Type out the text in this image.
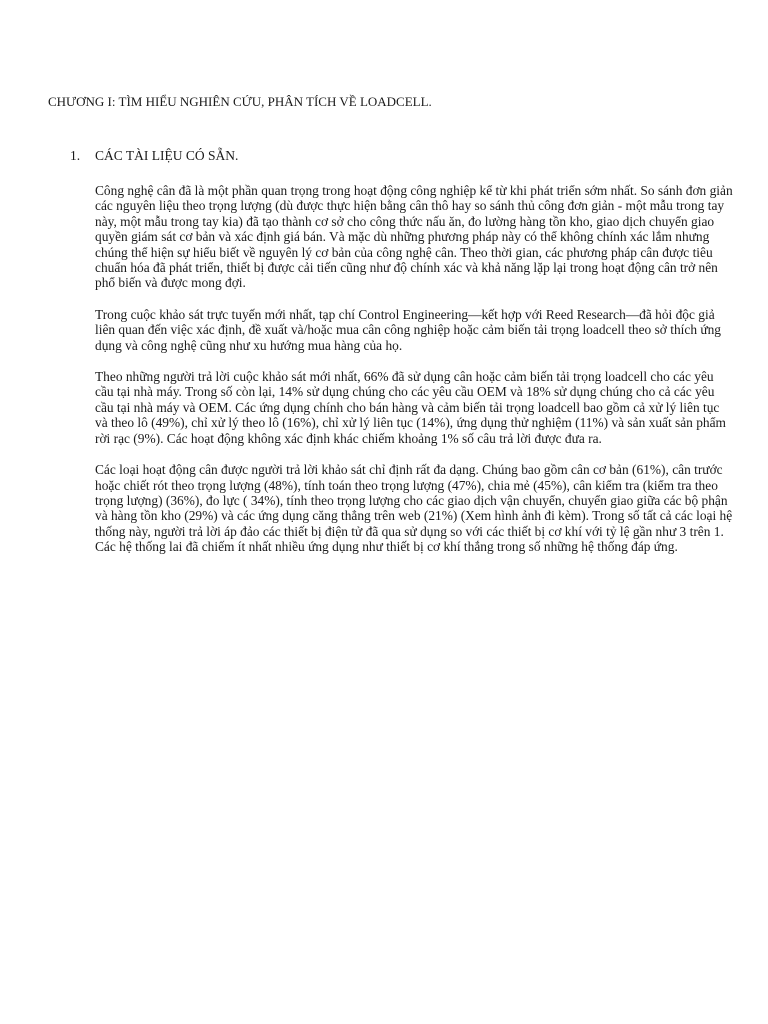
CHƯƠNG I: TÌM HIỂU NGHIÊN CỨU, PHÂN TÍCH VỀ LOADCELL.
1. CÁC TÀI LIỆU CÓ SẴN.

Công nghệ cân đã là một phần quan trọng trong hoạt động công nghiệp kể từ khi phát triển sớm nhất. So sánh đơn giản các nguyên liệu theo trọng lượng (dù được thực hiện bằng cân thô hay so sánh thủ công đơn giản - một mẫu trong tay này, một mẫu trong tay kia) đã tạo thành cơ sở cho công thức nấu ăn, đo lường hàng tồn kho, giao dịch chuyển giao quyền giám sát cơ bản và xác định giá bán. Và mặc dù những phương pháp này có thể không chính xác lắm nhưng chúng thể hiện sự hiểu biết về nguyên lý cơ bản của công nghệ cân. Theo thời gian, các phương pháp cân được tiêu chuẩn hóa đã phát triển, thiết bị được cải tiến cũng như độ chính xác và khả năng lặp lại trong hoạt động cân trở nên phổ biến và được mong đợi.

Trong cuộc khảo sát trực tuyến mới nhất, tạp chí Control Engineering—kết hợp với Reed Research—đã hỏi độc giả liên quan đến việc xác định, đề xuất và/hoặc mua cân công nghiệp hoặc cảm biến tải trọng loadcell theo sở thích ứng dụng và công nghệ cũng như xu hướng mua hàng của họ.

Theo những người trả lời cuộc khảo sát mới nhất, 66% đã sử dụng cân hoặc cảm biến tải trọng loadcell cho các yêu cầu tại nhà máy. Trong số còn lại, 14% sử dụng chúng cho các yêu cầu OEM và 18% sử dụng chúng cho cả các yêu cầu tại nhà máy và OEM. Các ứng dụng chính cho bán hàng và cảm biến tải trọng loadcell bao gồm cả xử lý liên tục và theo lô (49%), chỉ xử lý theo lô (16%), chỉ xử lý liên tục (14%), ứng dụng thử nghiệm (11%) và sản xuất sản phẩm rời rạc (9%). Các hoạt động không xác định khác chiếm khoảng 1% số câu trả lời được đưa ra.

Các loại hoạt động cân được người trả lời khảo sát chỉ định rất đa dạng. Chúng bao gồm cân cơ bản (61%), cân trước hoặc chiết rót theo trọng lượng (48%), tính toán theo trọng lượng (47%), chia mẻ (45%), cân kiểm tra (kiểm tra theo trọng lượng) (36%), đo lực ( 34%), tính theo trọng lượng cho các giao dịch vận chuyển, chuyển giao giữa các bộ phận và hàng tồn kho (29%) và các ứng dụng căng thẳng trên web (21%) (Xem hình ảnh đi kèm). Trong số tất cả các loại hệ thống này, người trả lời áp đảo các thiết bị điện tử đã qua sử dụng so với các thiết bị cơ khí với tỷ lệ gần như 3 trên 1. Các hệ thống lai đã chiếm ít nhất nhiều ứng dụng như thiết bị cơ khí thắng trong số những hệ thống đáp ứng.
